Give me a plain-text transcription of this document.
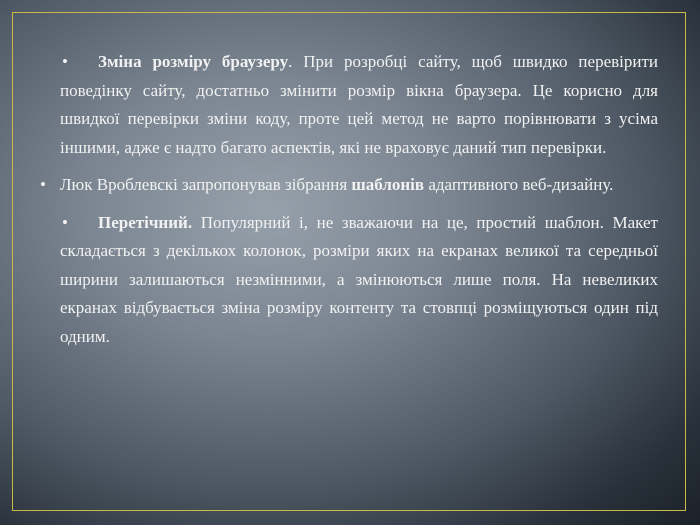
• Зміна розміру браузеру. При розробці сайту, щоб швидко перевірити поведінку сайту, достатньо змінити розмір вікна браузера. Це корисно для швидкої перевірки зміни коду, проте цей метод не варто порівнювати з усіма іншими, адже є надто багато аспектів, які не враховує даний тип перевірки.

• Люк Вроблевскі запропонував зібрання шаблонів адаптивного веб-дизайну.

• Перетічний. Популярний і, не зважаючи на це, простий шаблон. Макет складається з декількох колонок, розміри яких на екранах великої та середньої ширини залишаються незмінними, а змінюються лише поля. На невеликих екранах відбувається зміна розміру контенту та стовпці розміщуються один під одним.
